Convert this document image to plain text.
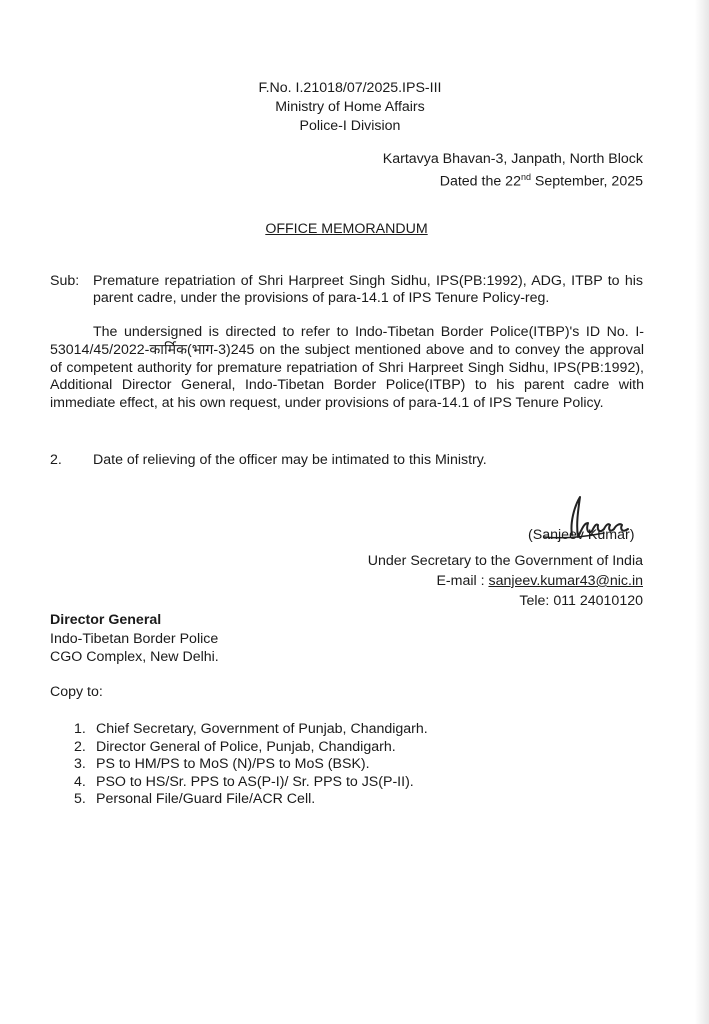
F.No. I.21018/07/2025.IPS-III
Ministry of Home Affairs
Police-I Division
Kartavya Bhavan-3, Janpath, North Block
Dated the 22nd September, 2025
OFFICE MEMORANDUM
Sub: Premature repatriation of Shri Harpreet Singh Sidhu, IPS(PB:1992), ADG, ITBP to his parent cadre, under the provisions of para-14.1 of IPS Tenure Policy-reg.
The undersigned is directed to refer to Indo-Tibetan Border Police(ITBP)'s ID No. I-53014/45/2022-कार्मिक(भाग-3)245 on the subject mentioned above and to convey the approval of competent authority for premature repatriation of Shri Harpreet Singh Sidhu, IPS(PB:1992), Additional Director General, Indo-Tibetan Border Police(ITBP) to his parent cadre with immediate effect, at his own request, under provisions of para-14.1 of IPS Tenure Policy.
2. Date of relieving of the officer may be intimated to this Ministry.
(Sanjeev Kumar)
Under Secretary to the Government of India
E-mail : sanjeev.kumar43@nic.in
Tele: 011 24010120
Director General
Indo-Tibetan Border Police
CGO Complex, New Delhi.
Copy to:
1. Chief Secretary, Government of Punjab, Chandigarh.
2. Director General of Police, Punjab, Chandigarh.
3. PS to HM/PS to MoS (N)/PS to MoS (BSK).
4. PSO to HS/Sr. PPS to AS(P-I)/ Sr. PPS to JS(P-II).
5. Personal File/Guard File/ACR Cell.
